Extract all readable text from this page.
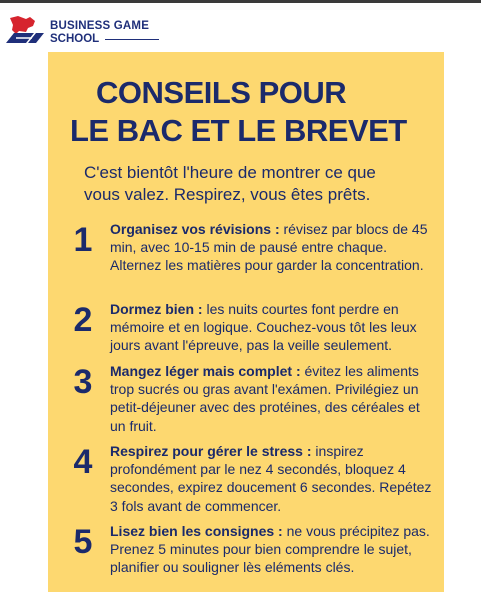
BUSINESS GAME
SCHOOL
CONSEILS POUR
LE BAC ET LE BREVET

C'est bientôt l'heure de montrer ce que vous valez. Respirez, vous êtes prêts.

1	Organisez vos révisions : révisez par blocs de 45 min, avec 10-15 min de pausé entre chaque. Alternez les matières pour garder la concentration.
2	Dormez bien : les nuits courtes font perdre en mémoire et en logique. Couchez-vous tôt les leux jours avant l'épreuve, pas la veille seulement.
3	Mangez léger mais complet : évitez les aliments trop sucrés ou gras avant l'exámen. Privilégiez un petit-déjeuner avec des protéines, des céréales et un fruit.
4	Respirez pour gérer le stress : inspirez profondément par le nez 4 secondés, bloquez 4 secondes, expirez doucement 6 secondes. Repétez 3 fols avant de commencer.
5	Lisez bien les consignes : ne vous précipitez pas. Prenez 5 minutes pour bien comprendre le sujet, planifier ou souligner lès eléments clés.
